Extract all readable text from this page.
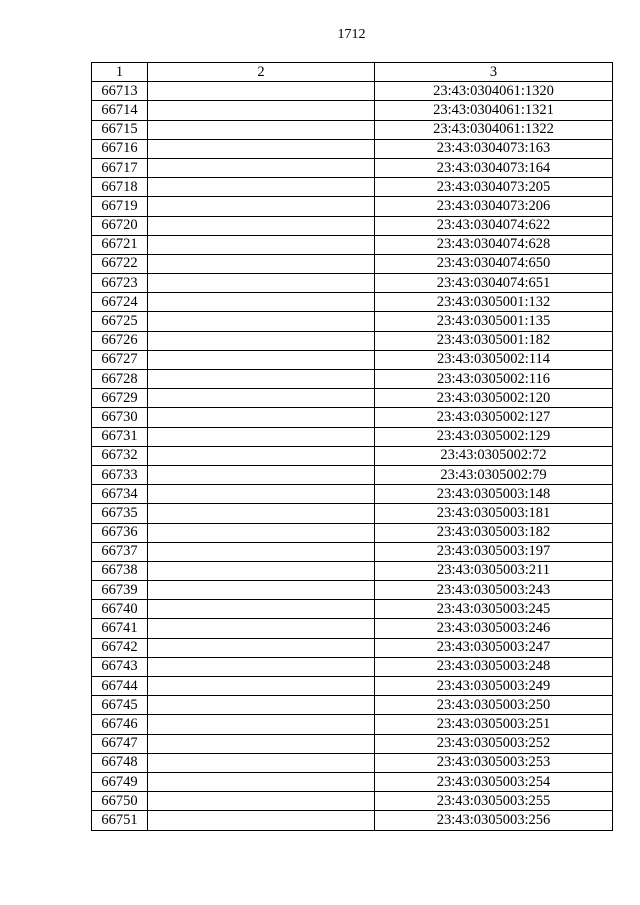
1712
1	2	3
66713		23:43:0304061:1320
66714		23:43:0304061:1321
66715		23:43:0304061:1322
66716		23:43:0304073:163
66717		23:43:0304073:164
66718		23:43:0304073:205
66719		23:43:0304073:206
66720		23:43:0304074:622
66721		23:43:0304074:628
66722		23:43:0304074:650
66723		23:43:0304074:651
66724		23:43:0305001:132
66725		23:43:0305001:135
66726		23:43:0305001:182
66727		23:43:0305002:114
66728		23:43:0305002:116
66729		23:43:0305002:120
66730		23:43:0305002:127
66731		23:43:0305002:129
66732		23:43:0305002:72
66733		23:43:0305002:79
66734		23:43:0305003:148
66735		23:43:0305003:181
66736		23:43:0305003:182
66737		23:43:0305003:197
66738		23:43:0305003:211
66739		23:43:0305003:243
66740		23:43:0305003:245
66741		23:43:0305003:246
66742		23:43:0305003:247
66743		23:43:0305003:248
66744		23:43:0305003:249
66745		23:43:0305003:250
66746		23:43:0305003:251
66747		23:43:0305003:252
66748		23:43:0305003:253
66749		23:43:0305003:254
66750		23:43:0305003:255
66751		23:43:0305003:256
